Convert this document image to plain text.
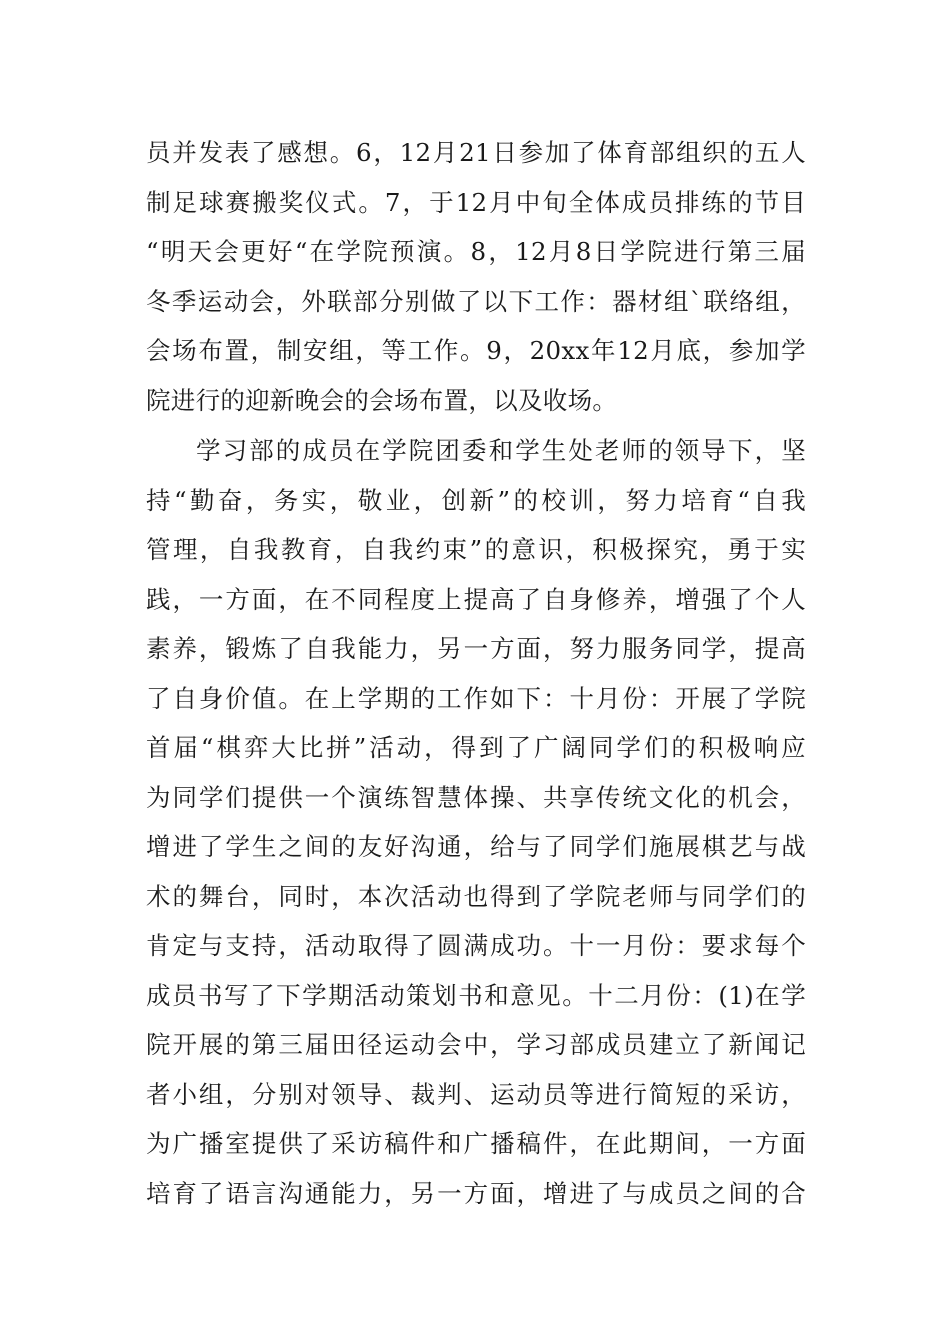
员并发表了感想。6，12月21日参加了体育部组织的五人
制足球赛搬奖仪式。7，于12月中旬全体成员排练的节目
“明天会更好“在学院预演。8，12月8日学院进行第三届
冬季运动会，外联部分别做了以下工作：器材组`联络组，
会场布置，制安组，等工作。9，20xx年12月底，参加学
院进行的迎新晚会的会场布置，以及收场。
学习部的成员在学院团委和学生处老师的领导下，坚
持“勤奋，务实，敬业，创新”的校训，努力培育“自我
管理，自我教育，自我约束”的意识，积极探究，勇于实
践，一方面，在不同程度上提高了自身修养，增强了个人
素养，锻炼了自我能力，另一方面，努力服务同学，提高
了自身价值。在上学期的工作如下：十月份：开展了学院
首届“棋弈大比拼”活动，得到了广阔同学们的积极响应
为同学们提供一个演练智慧体操、共享传统文化的机会，
增进了学生之间的友好沟通，给与了同学们施展棋艺与战
术的舞台，同时，本次活动也得到了学院老师与同学们的
肯定与支持，活动取得了圆满成功。十一月份：要求每个
成员书写了下学期活动策划书和意见。十二月份：(1)在学
院开展的第三届田径运动会中，学习部成员建立了新闻记
者小组，分别对领导、裁判、运动员等进行简短的采访，
为广播室提供了采访稿件和广播稿件，在此期间，一方面
培育了语言沟通能力，另一方面，增进了与成员之间的合
